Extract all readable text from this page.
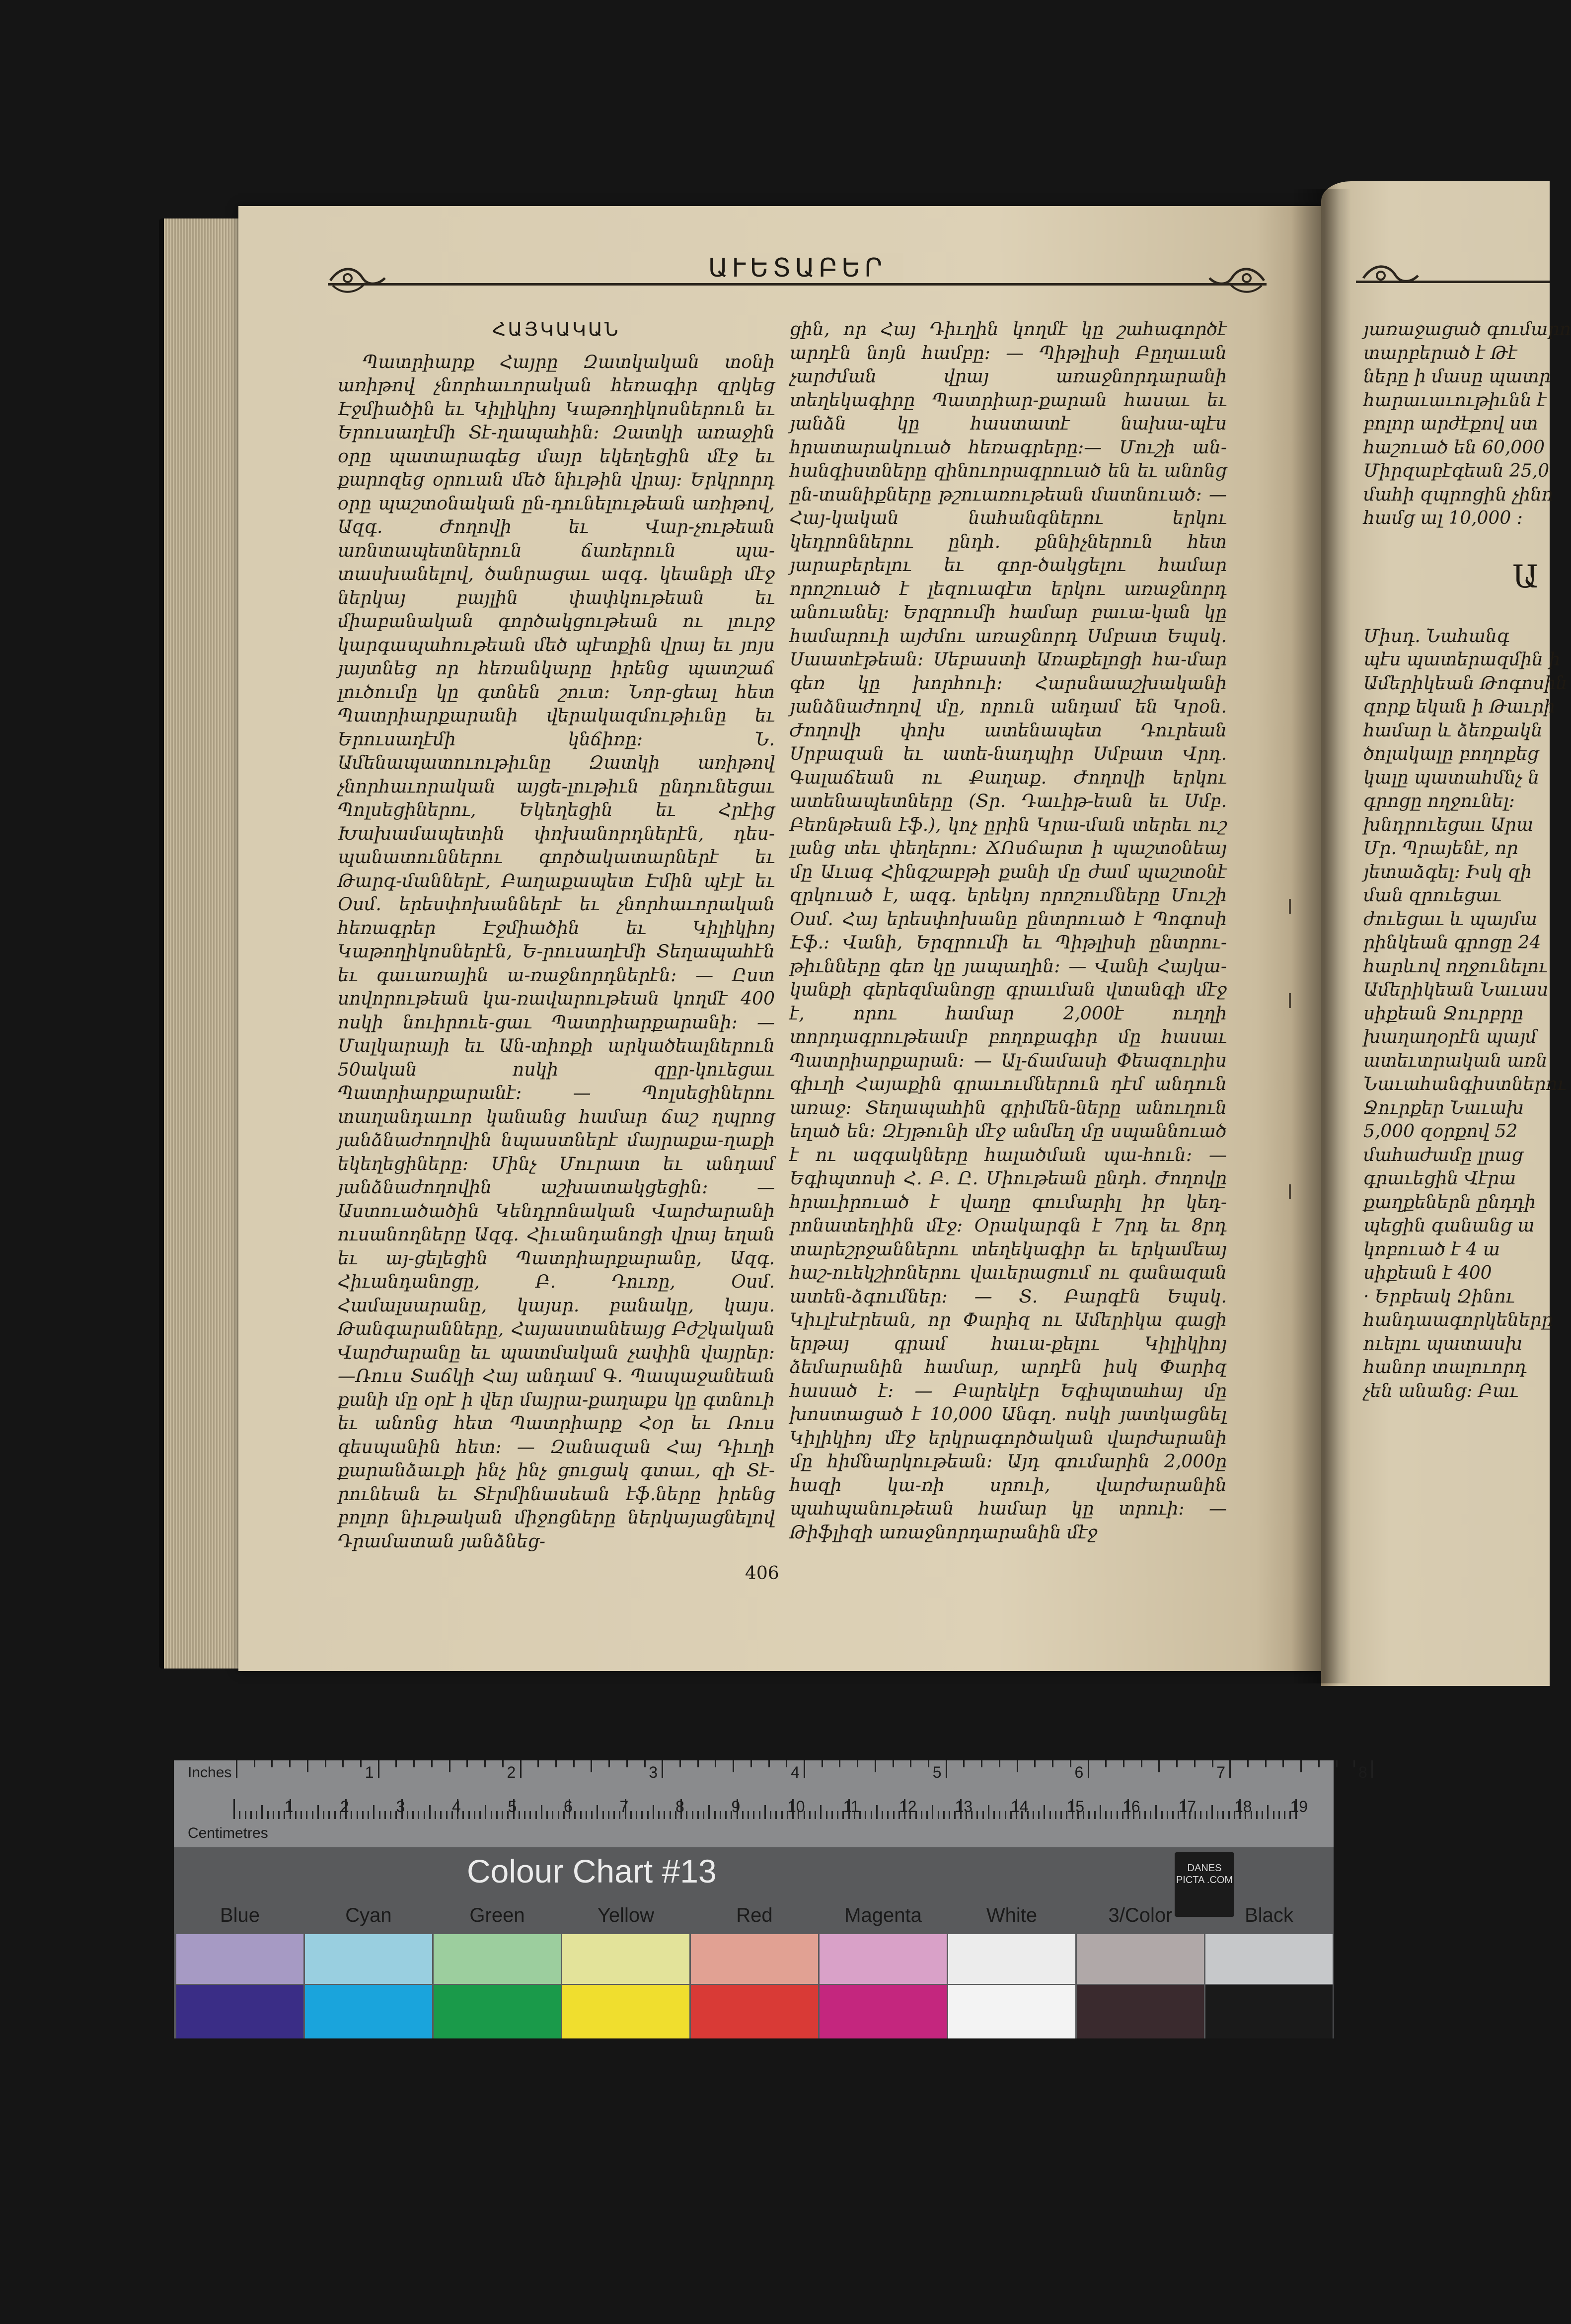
ԱՒԵՏԱԲԵՐ
ՀԱՅԿԱԿԱՆ

Պատրիարք Հայրը Զատկական տօնի առիթով չնորհաւորական հեռագիր զրկեց Էջմիածին եւ Կիլիկիոյ Կաթողիկոսներուն եւ Երուսաղէմի Տէ-ղապահին։ Զատկի առաջին օրը պատարագեց մայր եկեղեցին մէջ եւ քարոզեց օրուան մեծ նիւթին վրայ։ Երկրորդ օրը պաշտօնական ըն-դունելութեան առիթով, Ազգ. Ժողովի եւ Վար-չութեան առնտապետներուն ճառերուն պա-տասխանելով, ծանրացաւ ազգ. կեանքի մէջ ներկայ բայլին փափկութեան եւ միաբանական գործակցութեան ու լուրջ կարգապահութեան մեծ պէտքին վրայ եւ յոյս յայտնեց որ հեռանկարը իրենց պատշաճ լուծումը կը գտնեն շուտ։ Նոր-ցեալ հետ Պատրիարքարանի վերակազմութիւնը եւ Երուսաղէմի կնճիռը։ Ն. Ամենապատուութիւնը Զատկի առիթով չնորհաւորական այցե-լութիւն ընդունեցաւ Պոլսեցիներու, Եկեղեցին եւ Հրէից Խախամապետին փոխանորդներէն, դես-պանատուններու գործակատարներէ եւ Թարգ-մաններէ, Բաղաքապետ Էմին պէյէ եւ Օսմ. երեսփոխաններէ եւ չնորհաւորական հեռագրեր Էջմիածին եւ Կիլիկիոյ Կաթողիկոսներէն, Ե-րուսաղէմի Տեղապահէն եւ գաւառային ա-ռաջնորդներէն։ — Ըստ սովորութեան կա-ռավարութեան կողմէ 400 ոսկի նուիրուե-ցաւ Պատրիարքարանի։ — Մալկարայի եւ Ան-տիոքի արկածեալներուն 50ական ոսկի զըր-կուեցաւ Պատրիարքարանէ։ — Պոլսեցիներու տաղանդաւոր կանանց համար ճաշ ղպրոց յանձնաժողովին նպաստներէ մայրաքա-ղաքի եկեղեցիները։ Մինչ Մուրատ եւ անդամ յանձնաժողովին աշխատակցեցին։ — Աստուածածին Կենդրոնական Վարժարանի ուսանողները Ազգ. Հիւանդանոցի վրայ եղան եւ այ-ցելեցին Պատրիարքարանը, Ազգ. Հիւանդանոցը, Բ. Դուռը, Օսմ. Համալսարանը, կայսր. բանակը, կայս. Թանգարանները, Հայաստանեայց Բժշկական Վարժարանը եւ պատմական չափին վայրեր։ —Ռուս Տաճկի Հայ անդամ Գ. Պապաջանեան քանի մը օրէ ի վեր մայրա-քաղաքս կը գտնուի եւ անոնց հետ Պատրիարք Հօր եւ Ռուս գեսպանին հետ։ — Զանազան Հայ Դիւղի քարանձաւքի ինչ ինչ ցուցակ գտաւ, զի Տէ-րունեան եւ Տէրմինասեան էֆ.ները իրենց բոլոր նիւթական միջոցները ներկայացնելով Դրամատան յանձնեց-

ցին, որ Հայ Դիւղին կողմէ կը շահագործէ արդէն նոյն համբը։ — Պիթլիսի Բըղաւան չարժման վրայ առաջնորդարանի տեղեկագիրը Պատրիար-քարան հասաւ եւ յանձն կը հաստատէ նախա-պէս հրատարակուած հեռագրերը։— Մուշի ան-հանգիստները զինուորագրուած են եւ անոնց ըն-տանիքները թշուառութեան մատնուած։ — Հայ-կական նահանգներու երկու կեդրոններու ընդհ. քննիչներուն հետ յարաբերելու եւ գոր-ծակցելու համար որոշուած է լեզուագէտ երկու առաջնորդ անուանել։ Երզրումի համար բաւա-կան կը համարուի այժմու առաջնորդ Սմբատ Եպսկ. Սաատէթեան։ Սեբաստի Առաքելոցի հա-մար գեռ կը խորհուի։ Հարսնաաշխականի յանձնաժողով մը, որուն անդամ են Կրօն. Ժողովի փոխ ատենապետ Դուրեան Սրբազան եւ ատե-նադպիր Սմբատ Վրդ. Գալաճեան ու Քաղաք. Ժողովի երկու ատենապետները (Տր. Դաւիթ-եան եւ Սմբ. Բեռնթեան էֆ.), կոչ ըրին Կրա-ման տերեւ ուշ լանց տեւ փեղերու։ ՃՈսճարտ ի պաշտօնեայ մը Աւագ Հինգշաբթի քանի մը ժամ պաշտօնէ զրկուած է, ազգ. երեկոյ որոշումները Մուշի Օսմ. Հայ երեսփոխանը ընտրուած է Պոգոսի Էֆ.: Վանի, Երզրումի եւ Պիթլիսի ընտրու-թիւնները գեռ կը յապաղին։ — Վանի Հայկա-կանքի գերեզմանոցը գրաւման վտանգի մէջ է, որու համար 2,000է ուղղի տորդագրութեամբ բողոքագիր մը հասաւ Պատրիարքարան։ — Ալ-ճամասի Փեազուրիս գիւղի Հայաքին գրաւումներուն դէմ անդուն առաջ։ Տեղապահին գրիմեն-ները անուղուն եղած են։ Զէյթունի մէջ անմեղ մը սպաննուած է ու ազգակները հալածման պա-հուն։ — Եգիպտոսի Հ. Բ. Ը. Միութեան ընդհ. Ժողովը հրաւիրուած է վաղը գումարիլ իր կեդ-րոնատեղիին մէջ։ Օրակարգն է 7րդ եւ 8րդ տարեշրջաններու տեղեկագիր եւ երկամեայ հաշ-ուեկշիռներու վաւերացում ու գանազան ատեն-ձգումներ։ — Տ. Բարգէն Եպսկ. Կիւլէսէրեան, որ Փարիզ ու Ամերիկա գացի երթայ գրամ հաւա-քելու Կիլիկիոյ ձեմարանին համար, արդէն իսկ Փարիզ հասած է։ — Բարեկէր Եգիպտահայ մը խոստացած է 10,000 Անգղ. ոսկի յատկացնել Կիլիկիոյ մէջ երկրագործական վարժարանի մը հիմնարկութեան։ Այդ գումարին 2,000ը հազի կա-ռի սրուի, վարժարանին պահպանութեան համար կը տրուի։ —Թիֆլիզի առաջնորդարանին մէջ

406
յառաջացած գումարո
տարբերած է Թէ
ները ի մասը պատր
հարաւաւութիւնն է
բոլոր արժէքով ստ
հաշուած են 60,000
Միրզաբէգեան 25,0
մահի զպրոցին չինո
համց ալ 10,000 ։
Ա
Միսդ. Նահանգ
պէս պատերազմին ի
Ամերիկեան Թոգոսին
զորք եկան ի Թաւրի
համար և ձեռքակն
ծոլակալը բողոքեց
կալը պատահմնչ ն
գրոցը ողջունել։
խնդրուեցաւ Արա
Մր. Պրայենէ, որ
յետաձգել։ Իսկ զի
ման զրուեցաւ
ժուեցաւ և պայմա
րինկեան գրոցը 24
հարևով ողջունելու
Ամերիկեան Նաւաս
սիքեան Ջուրբրը
խաղաղօրէն պայմ
ատեւտրական առն
Նաւահանգիստներու
Ջուրքեր Նաւախ
5,000 զօրքով 52
մահաժամը լրաց
գրաւեցին Վէրա
քաղքեներն ընդդի
պեցին գանանց ա
կոբուած է 4 ա
սիքեան է 400
· Երբեակ Զինու
հանդաագորկեները
ուելու պատասխ
հանոր տալուորդ
չեն անանց։ Բաւ
Inches
Centimetres
1	2	3	4	5	6	7	8	9	10 11 12 13 14 15 16 17 18 19
1	2	3	4	5	6	7	8
Colour Chart #13	DANES PICTA .COM
Blue	Cyan	Green	Yellow	Red	Magenta	White	3/Color	Black
